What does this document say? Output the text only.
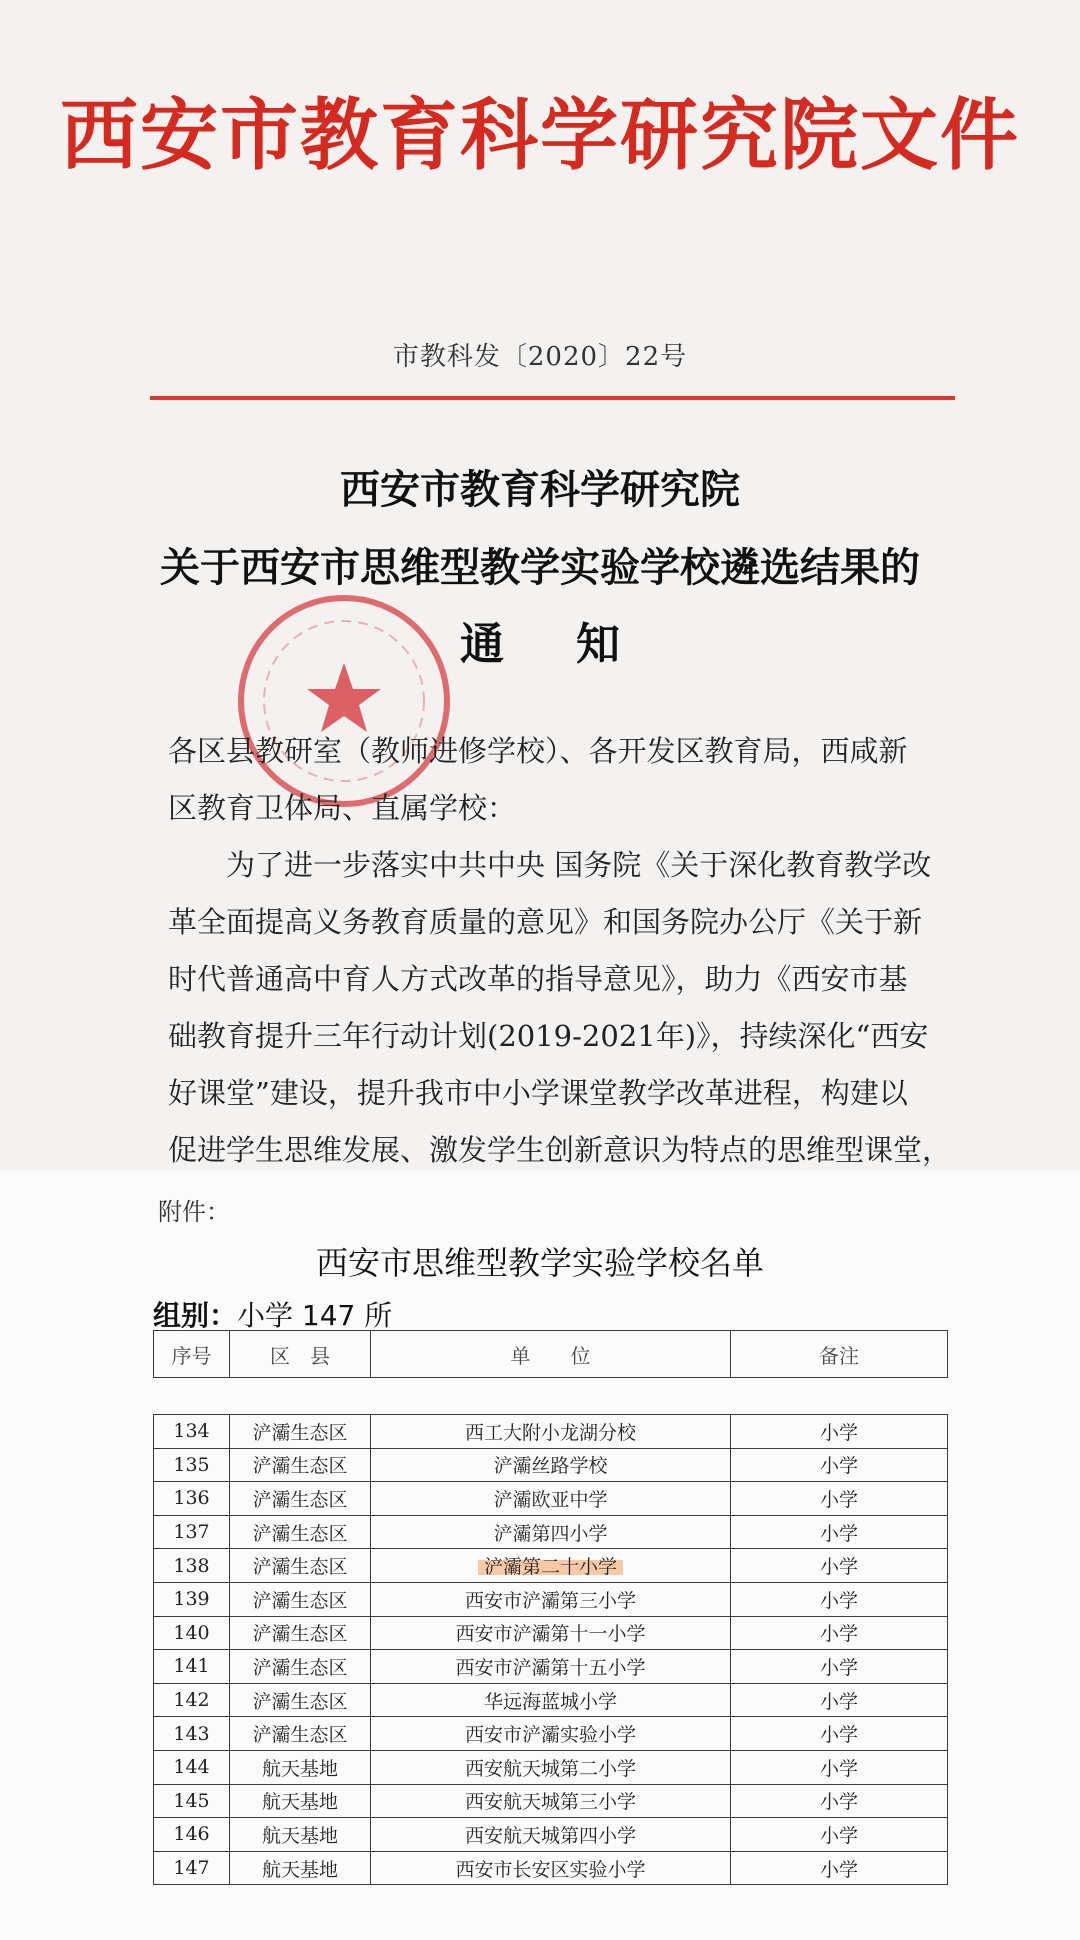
西安市教育科学研究院文件
市教科发〔2020〕22号
西安市教育科学研究院
关于西安市思维型教学实验学校遴选结果的
通知
各区县教研室（教师进修学校）、各开发区教育局，西咸新
区教育卫体局、直属学校：
为了进一步落实中共中央 国务院《关于深化教育教学改
革全面提高义务教育质量的意见》和国务院办公厅《关于新
时代普通高中育人方式改革的指导意见》，助力《西安市基
础教育提升三年行动计划(2019-2021年)》，持续深化“西安
好课堂”建设，提升我市中小学课堂教学改革进程，构建以
促进学生思维发展、激发学生创新意识为特点的思维型课堂，
附件：
西安市思维型教学实验学校名单
组别：小学 147 所
序号	区　县	单　　位	备注
134	浐灞生态区	西工大附小龙湖分校	小学
135	浐灞生态区	浐灞丝路学校	小学
136	浐灞生态区	浐灞欧亚中学	小学
137	浐灞生态区	浐灞第四小学	小学
138	浐灞生态区	浐灞第二十小学	小学
139	浐灞生态区	西安市浐灞第三小学	小学
140	浐灞生态区	西安市浐灞第十一小学	小学
141	浐灞生态区	西安市浐灞第十五小学	小学
142	浐灞生态区	华远海蓝城小学	小学
143	浐灞生态区	西安市浐灞实验小学	小学
144	航天基地	西安航天城第二小学	小学
145	航天基地	西安航天城第三小学	小学
146	航天基地	西安航天城第四小学	小学
147	航天基地	西安市长安区实验小学	小学
